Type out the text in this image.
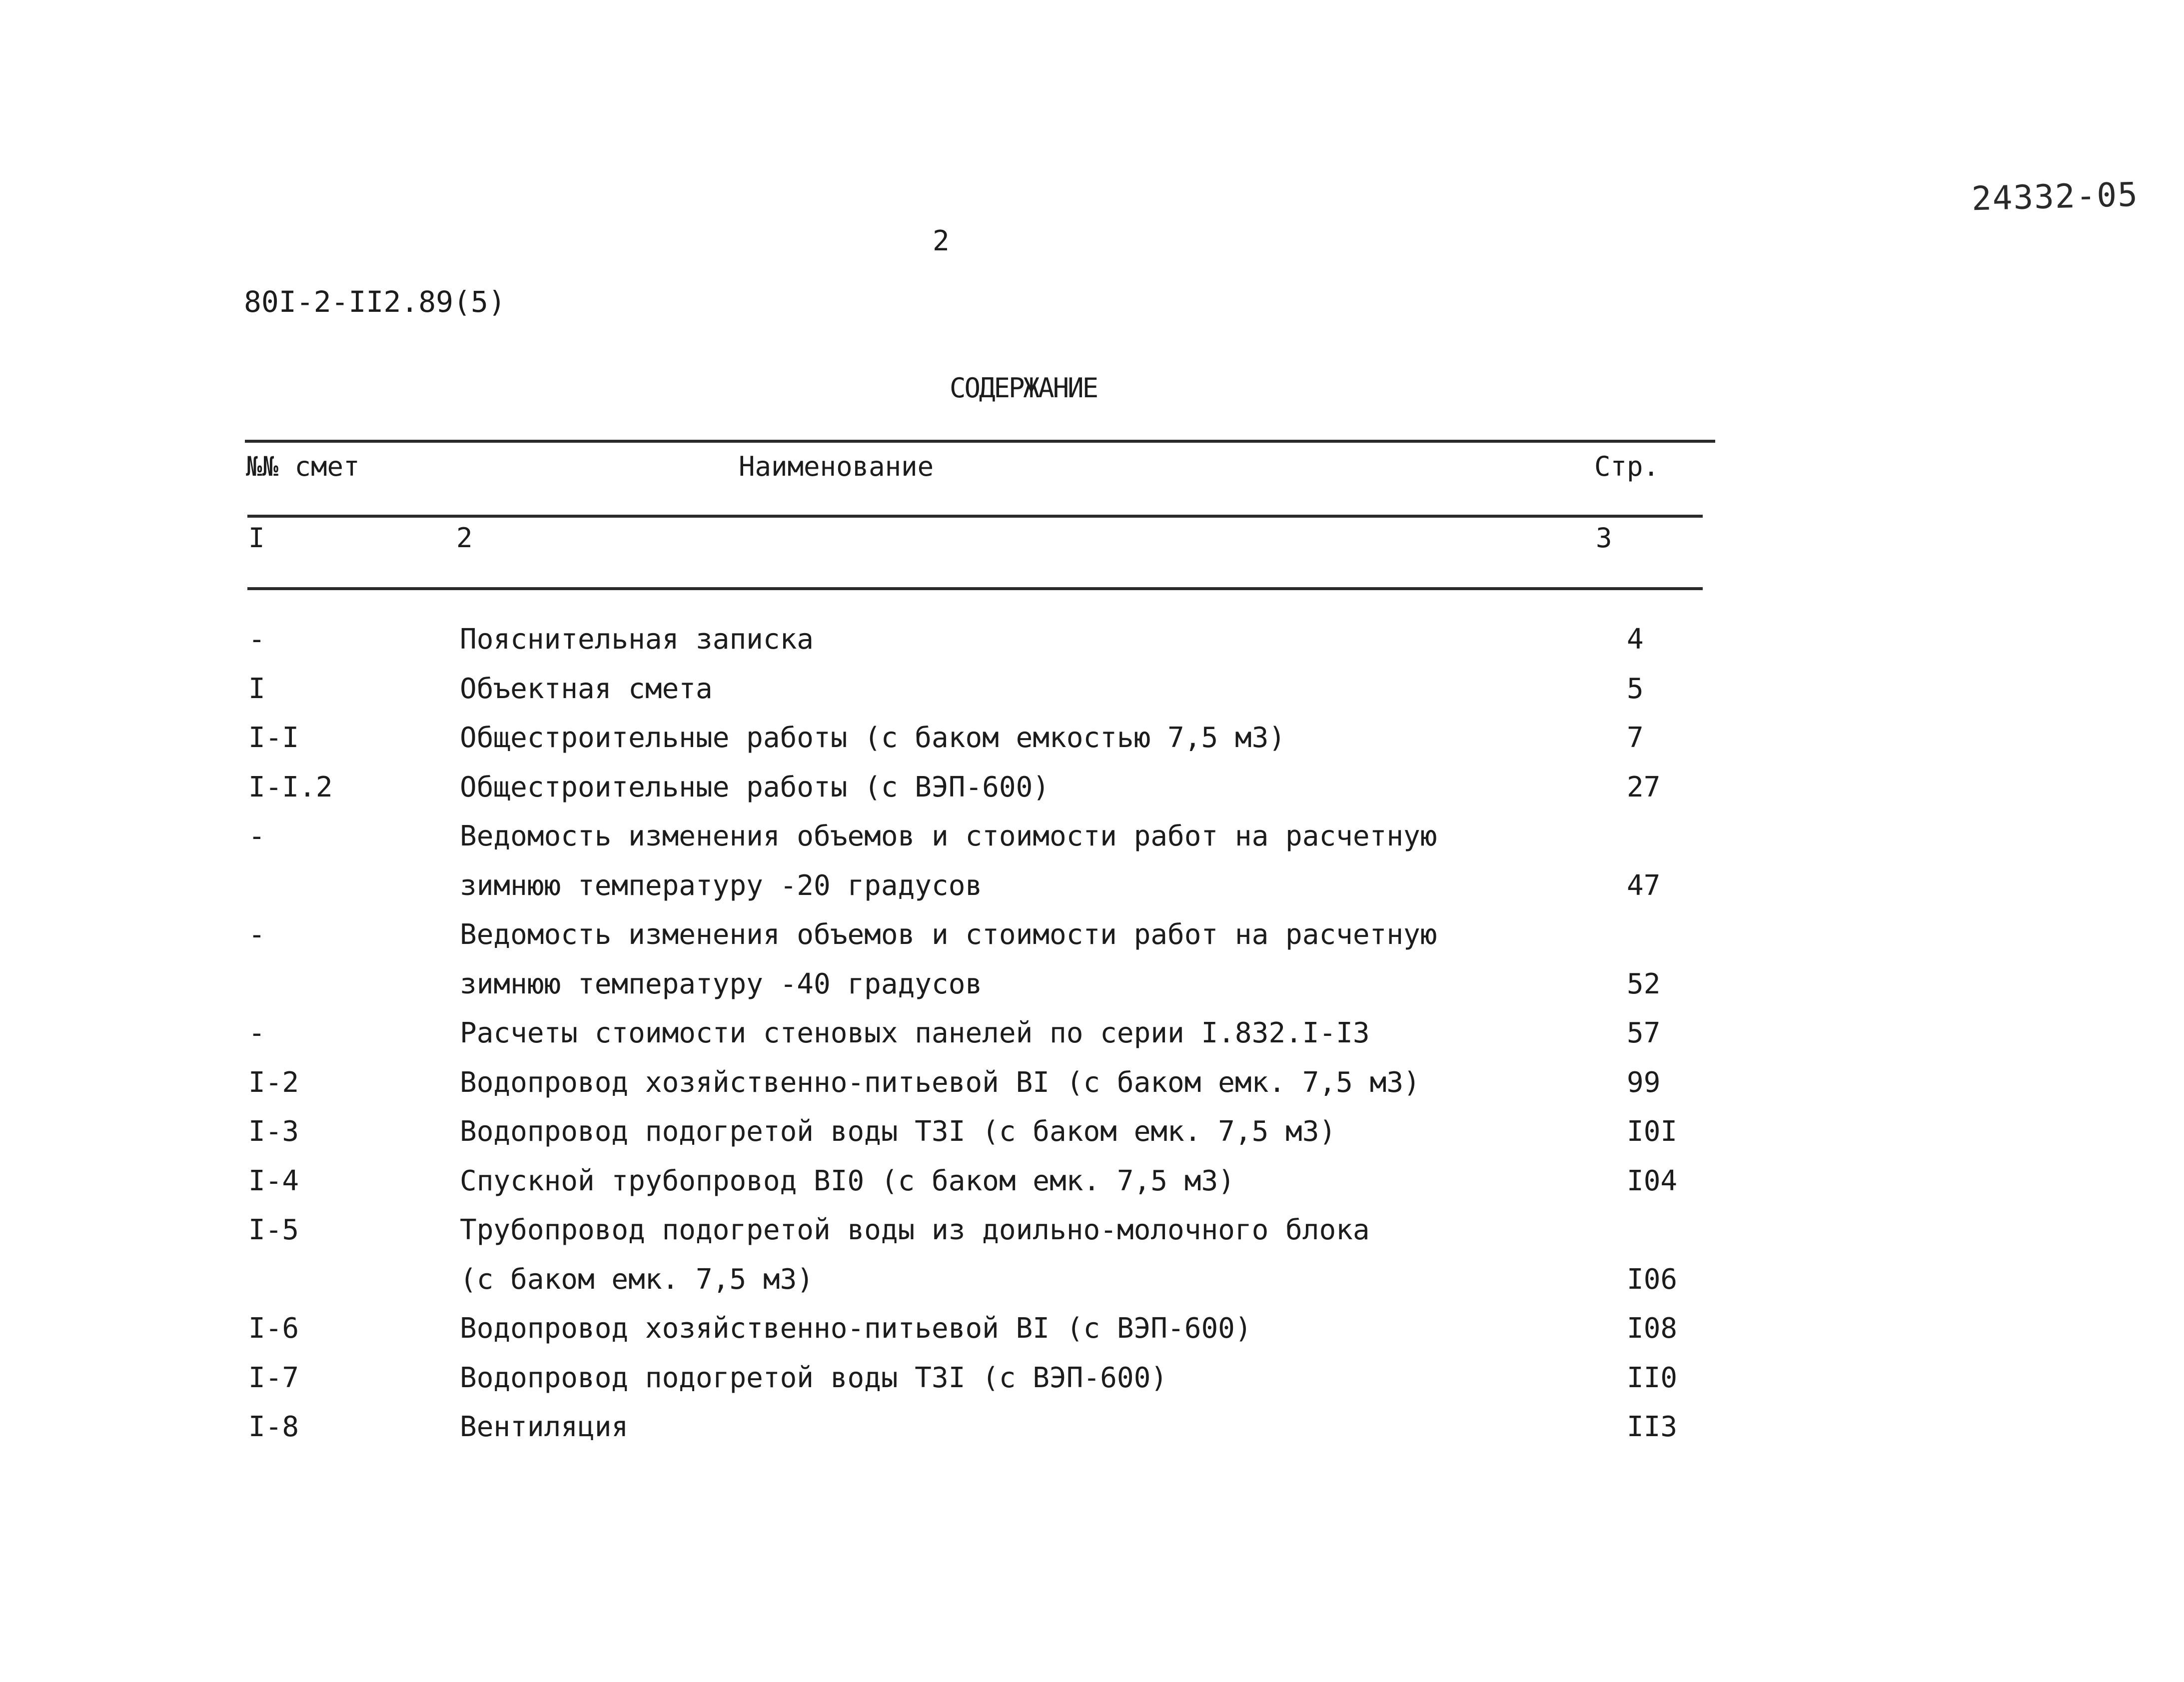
24332-05
2
80I-2-II2.89(5)
СОДЕРЖАНИЕ
№№ смет	Наименование	Стр.
I	2	3
-	Пояснительная записка	4
I	Объектная смета	5
I-I	Общестроительные работы (с баком емкостью 7,5 м3)	7
I-I.2	Общестроительные работы (с ВЭП-600)	27
-	Ведомость изменения объемов и стоимости работ на расчетную
зимнюю температуру -20 градусов	47
-	Ведомость изменения объемов и стоимости работ на расчетную
зимнюю температуру -40 градусов	52
-	Расчеты стоимости стеновых панелей по серии I.832.I-I3	57
I-2	Водопровод хозяйственно-питьевой BI (с баком емк. 7,5 м3)	99
I-3	Водопровод подогретой воды Т3I (с баком емк. 7,5 м3)	I0I
I-4	Спускной трубопровод BI0 (с баком емк. 7,5 м3)	I04
I-5	Трубопровод подогретой воды из доильно-молочного блока
(с баком емк. 7,5 м3)	I06
I-6	Водопровод хозяйственно-питьевой BI (с ВЭП-600)	I08
I-7	Водопровод подогретой воды Т3I (с ВЭП-600)	II0
I-8	Вентиляция	II3
